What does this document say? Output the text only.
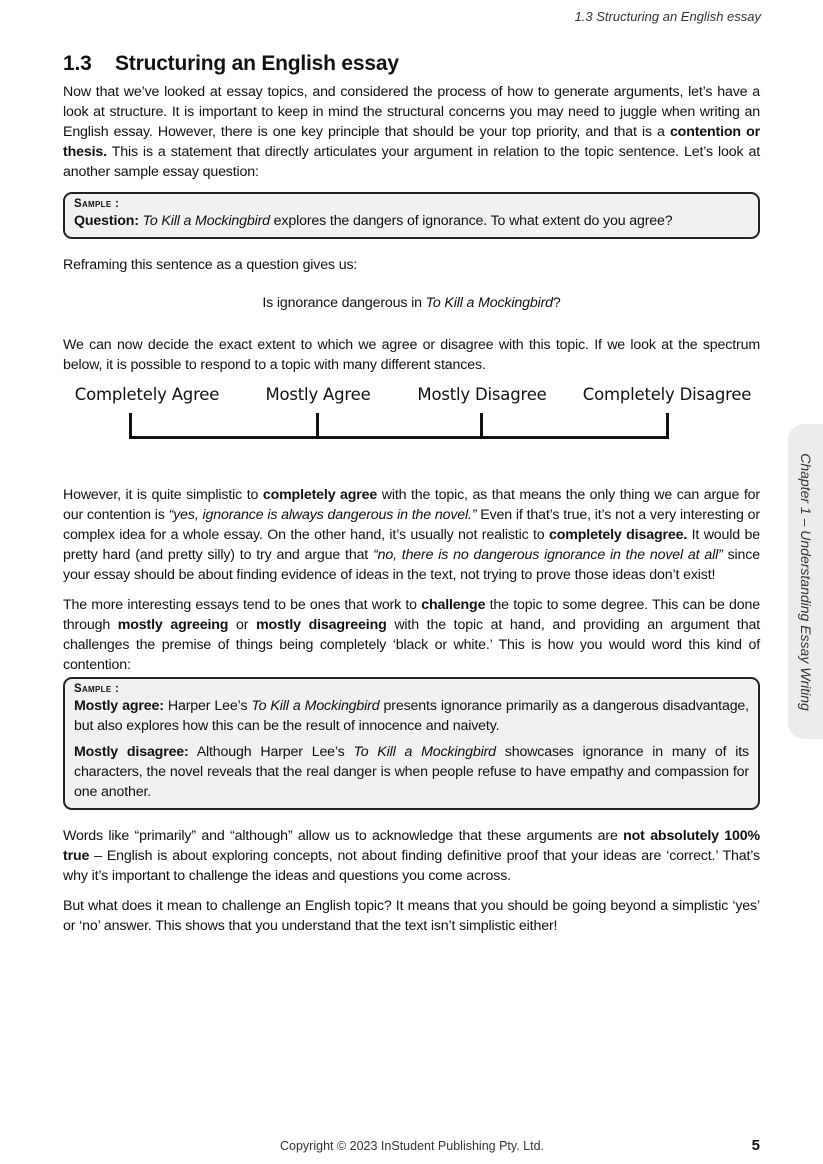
1.3 Structuring an English essay
1.3 Structuring an English essay

Now that we’ve looked at essay topics, and considered the process of how to generate arguments, let’s have a look at structure. It is important to keep in mind the structural concerns you may need to juggle when writing an English essay. However, there is one key principle that should be your top priority, and that is a contention or thesis. This is a statement that directly articulates your argument in relation to the topic sentence. Let’s look at another sample essay question:

Sample :

Question: To Kill a Mockingbird explores the dangers of ignorance. To what extent do you agree?

Reframing this sentence as a question gives us:

Is ignorance dangerous in To Kill a Mockingbird?

We can now decide the exact extent to which we agree or disagree with this topic. If we look at the spectrum below, it is possible to respond to a topic with many different stances.

Completely Agree	Mostly Agree	Mostly Disagree Completely Disagree

However, it is quite simplistic to completely agree with the topic, as that means the only thing we can argue for our contention is “yes, ignorance is always dangerous in the novel.” Even if that’s true, it’s not a very interesting or complex idea for a whole essay. On the other hand, it’s usually not realistic to completely disagree. It would be pretty hard (and pretty silly) to try and argue that “no, there is no dangerous ignorance in the novel at all” since your essay should be about finding evidence of ideas in the text, not trying to prove those ideas don’t exist!

The more interesting essays tend to be ones that work to challenge the topic to some degree. This can be done through mostly agreeing or mostly disagreeing with the topic at hand, and providing an argument that challenges the premise of things being completely ‘black or white.’ This is how you would word this kind of contention:

Sample :

Mostly agree: Harper Lee’s To Kill a Mockingbird presents ignorance primarily as a dangerous disadvantage, but also explores how this can be the result of innocence and naivety.

Mostly disagree: Although Harper Lee’s To Kill a Mockingbird showcases ignorance in many of its characters, the novel reveals that the real danger is when people refuse to have empathy and compassion for one another.

Words like “primarily” and “although” allow us to acknowledge that these arguments are not absolutely 100% true – English is about exploring concepts, not about finding definitive proof that your ideas are ‘correct.’ That’s why it’s important to challenge the ideas and questions you come across.

But what does it mean to challenge an English topic? It means that you should be going beyond a simplistic ‘yes’ or ‘no’ answer. This shows that you understand that the text isn’t simplistic either!

Chapter 1 – Understanding Essay Writing
Copyright © 2023 InStudent Publishing Pty. Ltd.	5
